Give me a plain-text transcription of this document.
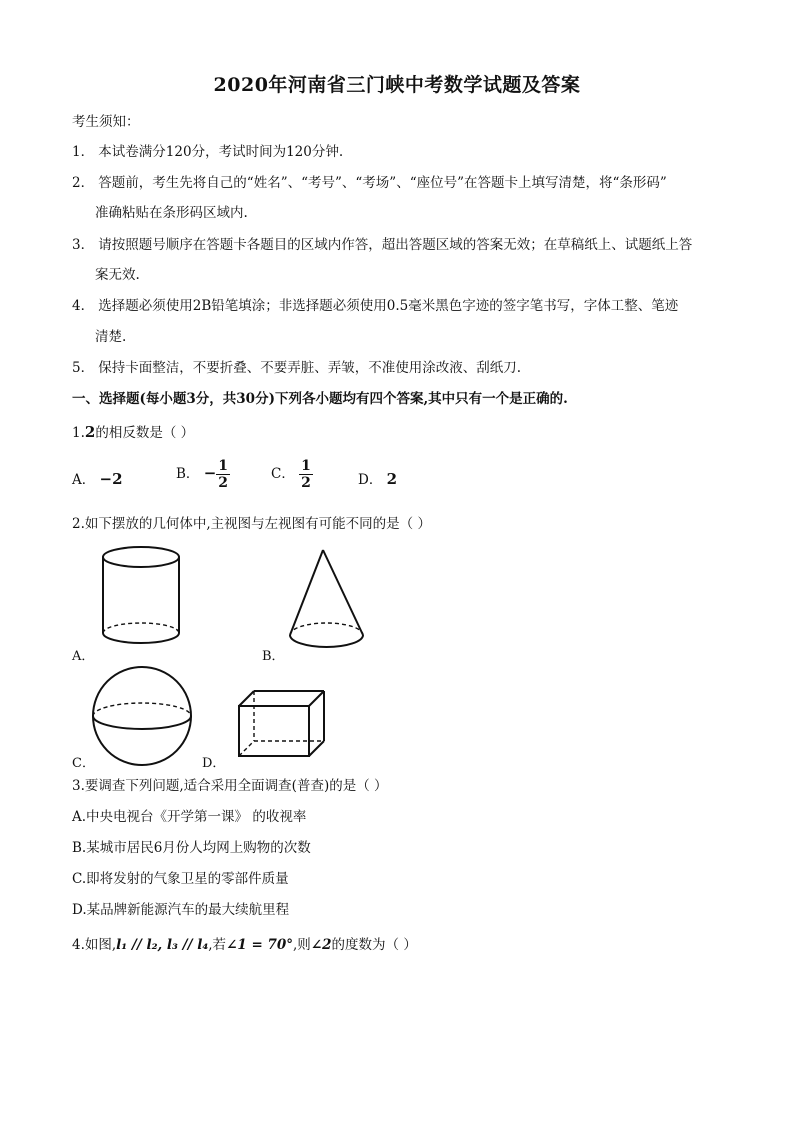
2020年河南省三门峡中考数学试题及答案
考生须知：
1． 本试卷满分120分，考试时间为120分钟.
2． 答题前，考生先将自己的“姓名”、“考号”、“考场”、“座位号”在答题卡上填写清楚，将“条形码”
准确粘贴在条形码区域内.
3． 请按照题号顺序在答题卡各题目的区域内作答，超出答题区域的答案无效；在草稿纸上、试题纸上答
案无效.
4． 选择题必须使用2B铅笔填涂；非选择题必须使用0.5毫米黑色字迹的签字笔书写，字体工整、笔迹
清楚.
5． 保持卡面整洁，不要折叠、不要弄脏、弄皱，不准使用涂改液、刮纸刀.
一、选择题(每小题3分，共30分)下列各小题均有四个答案,其中只有一个是正确的.
1.2的相反数是（ ）
A． −2	B． − $\frac{1}{2}$	C． $\frac{1}{2}$	D． 2
2.如下摆放的几何体中,主视图与左视图有可能不同的是（ ）
A．	B．
C．	D．
3.要调查下列问题,适合采用全面调查(普查)的是（ ）
A.中央电视台《开学第一课》 的收视率
B.某城市居民6月份人均网上购物的次数
C.即将发射的气象卫星的零部件质量
D.某品牌新能源汽车的最大续航里程
4.如图,l₁ // l₂, l₃ // l₄,若∠1 = 70°,则∠2的度数为（ ）
